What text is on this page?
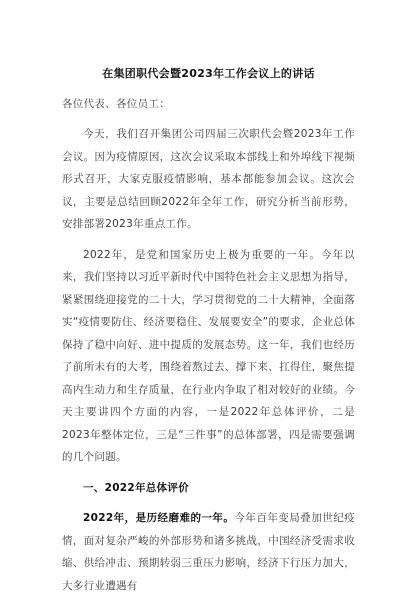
在集团职代会暨2023年工作会议上的讲话
各位代表、各位员工：
今天，我们召开集团公司四届三次职代会暨2023年工作会议。因为疫情原因，这次会议采取本部线上和外埠线下视频形式召开，大家克服疫情影响，基本都能参加会议。这次会议，主要是总结回顾2022年全年工作，研究分析当前形势，安排部署2023年重点工作。
2022年，是党和国家历史上极为重要的一年。今年以来，我们坚持以习近平新时代中国特色社会主义思想为指导，紧紧围绕迎接党的二十大，学习贯彻党的二十大精神，全面落实“疫情要防住、经济要稳住、发展要安全”的要求，企业总体保持了稳中向好、进中提质的发展态势。这一年，我们也经历了前所未有的大考，围绕着熬过去、撑下来、扛得住，聚焦提高内生动力和生存质量，在行业内争取了相对较好的业绩。今天主要讲四个方面的内容，一是2022年总体评价，二是2023年整体定位，三是“三件事”的总体部署，四是需要强调的几个问题。
一、2022年总体评价
2022年，是历经磨难的一年。今年百年变局叠加世纪疫情，面对复杂严峻的外部形势和诸多挑战，中国经济受需求收缩、供给冲击、预期转弱三重压力影响，经济下行压力加大，大多行业遭遇有
